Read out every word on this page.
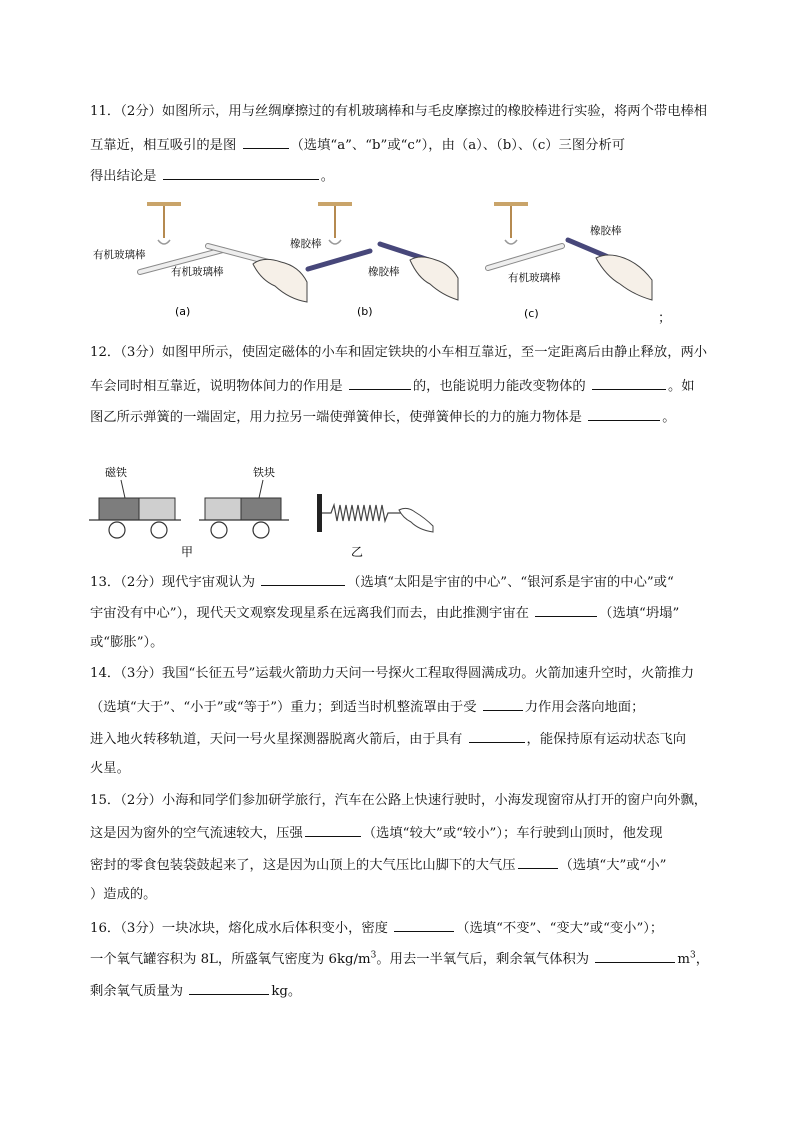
11．（2分）如图所示，用与丝绸摩擦过的有机玻璃棒和与毛皮摩擦过的橡胶棒进行实验，将两个带电棒相
互靠近，相互吸引的是图	（选填“a”、“b”或“c”），由（a）、（b）、（c）三图分析可
得出结论是	。
有机玻璃棒
有机玻璃棒
(a)
橡胶棒
橡胶棒
(b)
橡胶棒
有机玻璃棒
(c)	；
12．（3分）如图甲所示，使固定磁体的小车和固定铁块的小车相互靠近，至一定距离后由静止释放，两小
车会同时相互靠近，说明物体间力的作用是	的，也能说明力能改变物体的	。如
图乙所示弹簧的一端固定，用力拉另一端使弹簧伸长，使弹簧伸长的力的施力物体是	。
磁铁	铁块
甲	乙
13．（2分）现代宇宙观认为	（选填“太阳是宇宙的中心”、“银河系是宇宙的中心”或“
宇宙没有中心”），现代天文观察发现星系在远离我们而去，由此推测宇宙在	（选填“坍塌”
或“膨胀”）。
14．（3分）我国“长征五号”运载火箭助力天问一号探火工程取得圆满成功。火箭加速升空时，火箭推力
（选填“大于”、“小于”或“等于”）重力；到适当时机整流罩由于受	力作用会落向地面；
进入地火转移轨道，天问一号火星探测器脱离火箭后，由于具有	，能保持原有运动状态飞向
火星。
15．（2分）小海和同学们参加研学旅行，汽车在公路上快速行驶时，小海发现窗帘从打开的窗户向外飘，
这是因为窗外的空气流速较大，压强	（选填“较大”或“较小”）；车行驶到山顶时，他发现
密封的零食包装袋鼓起来了，这是因为山顶上的大气压比山脚下的大气压	（选填“大”或“小”
）造成的。
16．（3分）一块冰块，熔化成水后体积变小，密度	（选填“不变”、“变大”或“变小”）；
一个氧气罐容积为 8L，所盛氧气密度为 $6kg/m^3$。用去一半氧气后，剩余氧气体积为	$m^3$，
剩余氧气质量为	kg。
